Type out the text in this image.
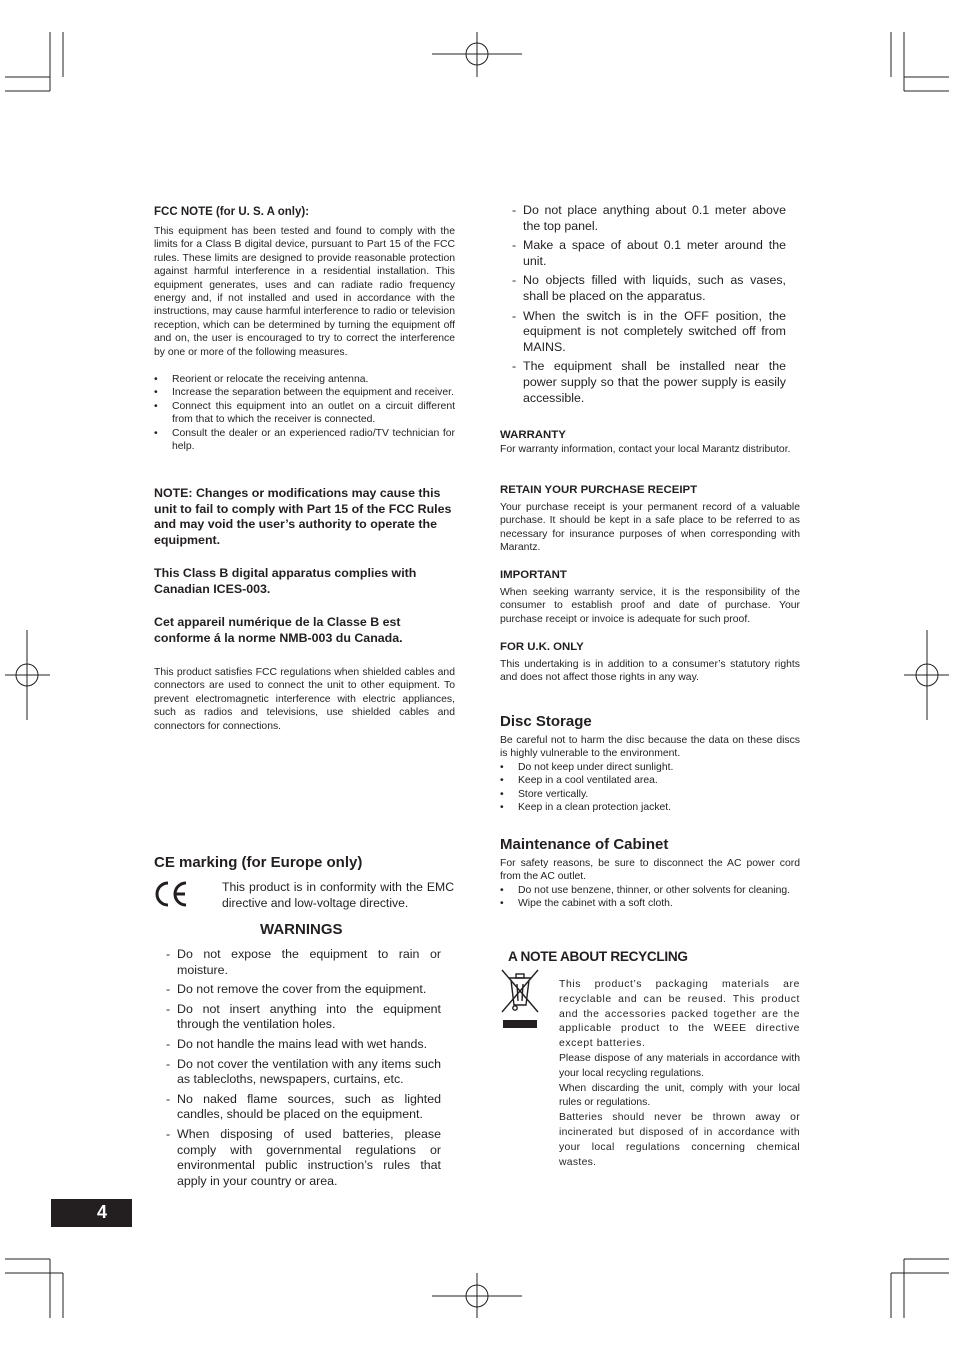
FCC NOTE (for U. S. A only):

This equipment has been tested and found to comply with the limits for a Class B digital device, pursuant to Part 15 of the FCC rules. These limits are designed to provide reasonable protection against harmful interference in a residential installation. This equipment generates, uses and can radiate radio frequency energy and, if not installed and used in accordance with the instructions, may cause harmful interference to radio or television reception, which can be determined by turning the equipment off and on, the user is encouraged to try to correct the interference by one or more of the following measures.

• Reorient or relocate the receiving antenna.
• Increase the separation between the equipment and receiver.
• Connect this equipment into an outlet on a circuit different from that to which the receiver is connected.
• Consult the dealer or an experienced radio/TV technician for help.

NOTE: Changes or modifications may cause this unit to fail to comply with Part 15 of the FCC Rules and may void the user’s authority to operate the equipment.

This Class B digital apparatus complies with Canadian ICES-003.

Cet appareil numérique de la Classe B est conforme á la norme NMB-003 du Canada.

This product satisfies FCC regulations when shielded cables and connectors are used to connect the unit to other equipment. To prevent electromagnetic interference with electric appliances, such as radios and televisions, use shielded cables and connectors for connections.

CE marking (for Europe only)

This product is in conformity with the EMC directive and low-voltage directive.

WARNINGS
- Do not expose the equipment to rain or moisture.
- Do not remove the cover from the equipment.
- Do not insert anything into the equipment through the ventilation holes.
- Do not handle the mains lead with wet hands.
- Do not cover the ventilation with any items such as tablecloths, newspapers, curtains, etc.
- No naked flame sources, such as lighted candles, should be placed on the equipment.
- When disposing of used batteries, please comply with governmental regulations or environmental public instruction’s rules that apply in your country or area.
4
- Do not place anything about 0.1 meter above the top panel.
- Make a space of about 0.1 meter around the unit.
- No objects filled with liquids, such as vases, shall be placed on the apparatus.
- When the switch is in the OFF position, the equipment is not completely switched off from MAINS.
- The equipment shall be installed near the power supply so that the power supply is easily accessible.
WARRANTY

For warranty information, contact your local Marantz distributor.

RETAIN YOUR PURCHASE RECEIPT

Your purchase receipt is your permanent record of a valuable purchase. It should be kept in a safe place to be referred to as necessary for insurance purposes of when corresponding with Marantz.

IMPORTANT

When seeking warranty service, it is the responsibility of the consumer to establish proof and date of purchase. Your purchase receipt or invoice is adequate for such proof.

FOR U.K. ONLY

This undertaking is in addition to a consumer’s statutory rights and does not affect those rights in any way.

Disc Storage

Be careful not to harm the disc because the data on these discs is highly vulnerable to the environment.

• Do not keep under direct sunlight.
• Keep in a cool ventilated area.
• Store vertically.
• Keep in a clean protection jacket.
Maintenance of Cabinet

For safety reasons, be sure to disconnect the AC power cord from the AC outlet.

• Do not use benzene, thinner, or other solvents for cleaning.
• Wipe the cabinet with a soft cloth.
A NOTE ABOUT RECYCLING

This product’s packaging materials are recyclable and can be reused. This product and the accessories packed together are the applicable product to the WEEE directive except batteries.

Please dispose of any materials in accordance with your local recycling regulations.

When discarding the unit, comply with your local rules or regulations.

Batteries should never be thrown away or incinerated but disposed of in accordance with your local regulations concerning chemical wastes.
